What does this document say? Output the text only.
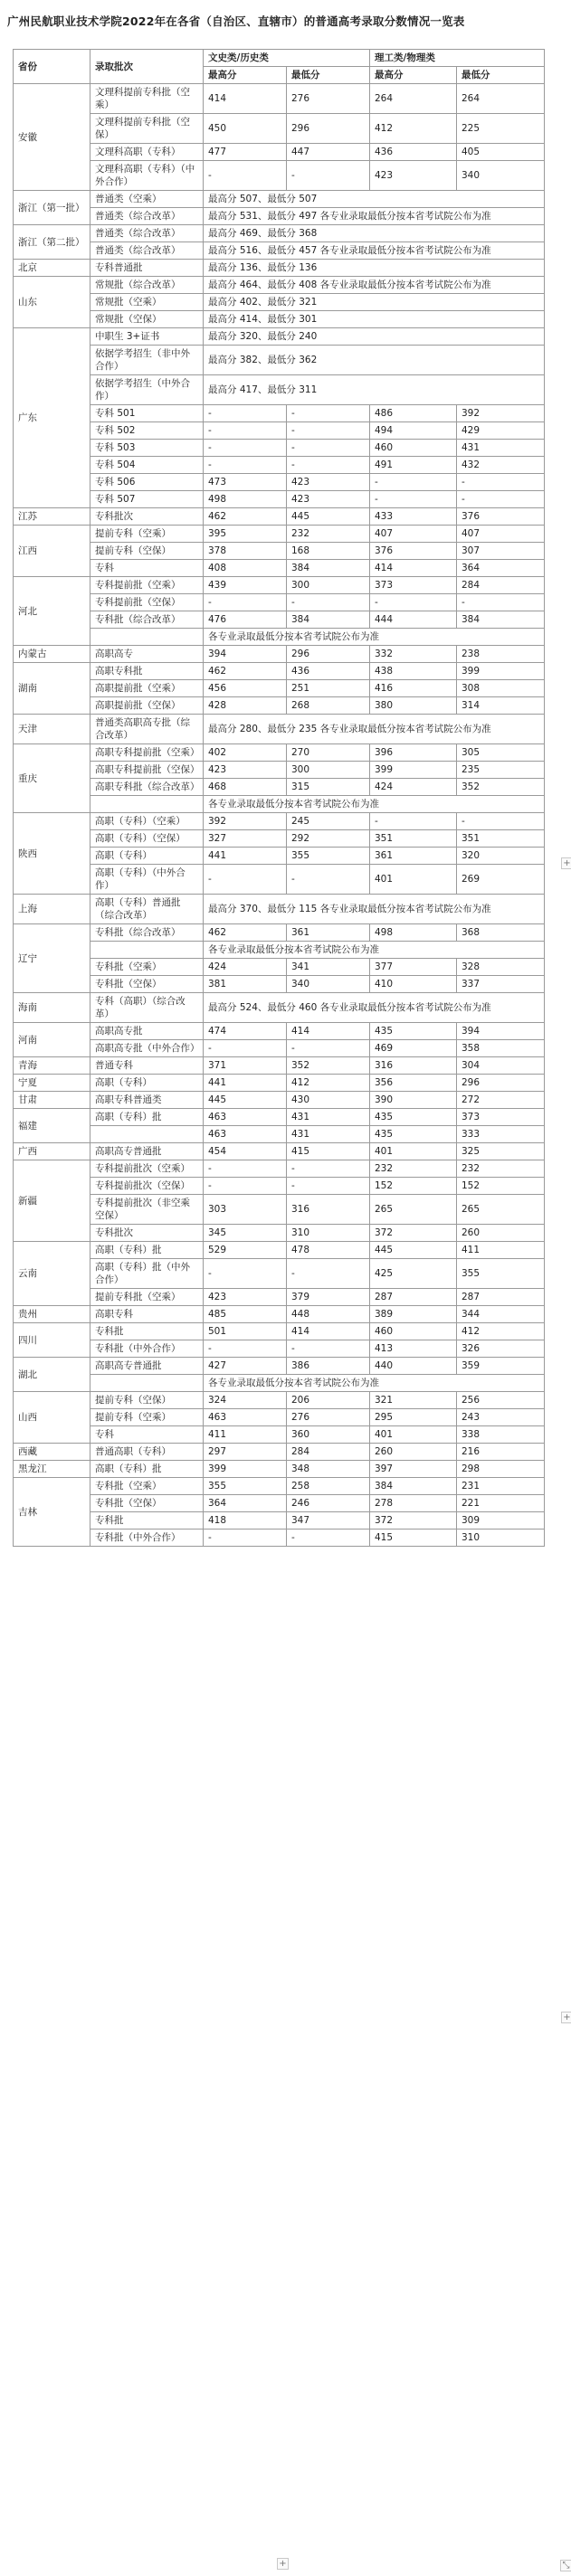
广州民航职业技术学院2022年在各省（自治区、直辖市）的普通高考录取分数情况一览表
省份	录取批次	文史类/历史类		理工类/物理类	
		最高分	最低分	最高分	最低分
安徽	文理科提前专科批（空乘）	414	276	264	264
	文理科提前专科批（空保）	450	296	412	225
	文理科高职（专科）	477	447	436	405
	文理科高职（专科）（中外合作）	-	-	423	340
浙江（第一批）	普通类（空乘）	最高分 507、最低分 507			
	普通类（综合改革）	最高分 531、最低分 497 各专业录取最低分按本省考试院公布为准			
浙江（第二批）	普通类（综合改革）	最高分 469、最低分 368			
	普通类（综合改革）	最高分 516、最低分 457 各专业录取最低分按本省考试院公布为准			
北京	专科普通批	最高分 136、最低分 136			
山东	常规批（综合改革）	最高分 464、最低分 408 各专业录取最低分按本省考试院公布为准			
	常规批（空乘）	最高分 402、最低分 321			
	常规批（空保）	最高分 414、最低分 301			
广东	中职生 3+证书	最高分 320、最低分 240			
	依据学考招生（非中外合作）	最高分 382、最低分 362			
	依据学考招生（中外合作）	最高分 417、最低分 311			
	专科 501	-	-	486	392
	专科 502	-	-	494	429
	专科 503	-	-	460	431
	专科 504	-	-	491	432
	专科 506	473	423	-	-
	专科 507	498	423	-	-
江苏	专科批次	462	445	433	376
江西	提前专科（空乘）	395	232	407	407
	提前专科（空保）	378	168	376	307
	专科	408	384	414	364
河北	专科提前批（空乘）	439	300	373	284
	专科提前批（空保）	-	-	-	-
	专科批（综合改革）	476	384	444	384
		各专业录取最低分按本省考试院公布为准			
内蒙古	高职高专	394	296	332	238
湖南	高职专科批	462	436	438	399
	高职提前批（空乘）	456	251	416	308
	高职提前批（空保）	428	268	380	314
天津	普通类高职高专批（综合改革）	最高分 280、最低分 235 各专业录取最低分按本省考试院公布为准			
重庆	高职专科提前批（空乘）	402	270	396	305
	高职专科提前批（空保）	423	300	399	235
	高职专科批（综合改革）	468	315	424	352
		各专业录取最低分按本省考试院公布为准			
陕西	高职（专科）（空乘）	392	245	-	-
	高职（专科）（空保）	327	292	351	351
	高职（专科）	441	355	361	320
	高职（专科）（中外合作）	-	-	401	269
上海	高职（专科）普通批（综合改革）	最高分 370、最低分 115 各专业录取最低分按本省考试院公布为准			
辽宁	专科批（综合改革）	462	361	498	368
		各专业录取最低分按本省考试院公布为准			
	专科批（空乘）	424	341	377	328
	专科批（空保）	381	340	410	337
海南	专科（高职）（综合改革）	最高分 524、最低分 460 各专业录取最低分按本省考试院公布为准			
河南	高职高专批	474	414	435	394
	高职高专批（中外合作）	-	-	469	358
青海	普通专科	371	352	316	304
宁夏	高职（专科）	441	412	356	296
甘肃	高职专科普通类	445	430	390	272
福建	高职（专科）批	463	431	435	373
		463	431	435	333
广西	高职高专普通批	454	415	401	325
新疆	专科提前批次（空乘）	-	-	232	232
	专科提前批次（空保）	-	-	152	152
	专科提前批次（非空乘空保）	303	316	265	265
	专科批次	345	310	372	260
云南	高职（专科）批	529	478	445	411
	高职（专科）批（中外合作）	-	-	425	355
	提前专科批（空乘）	423	379	287	287
贵州	高职专科	485	448	389	344
四川	专科批	501	414	460	412
	专科批（中外合作）	-	-	413	326
湖北	高职高专普通批	427	386	440	359
		各专业录取最低分按本省考试院公布为准			
山西	提前专科（空保）	324	206	321	256
	提前专科（空乘）	463	276	295	243
	专科	411	360	401	338
西藏	普通高职（专科）	297	284	260	216
黑龙江	高职（专科）批	399	348	397	298
吉林	专科批（空乘）	355	258	384	231
	专科批（空保）	364	246	278	221
	专科批	418	347	372	309
	专科批（中外合作）	-	-	415	310
+
+
+	⤡
